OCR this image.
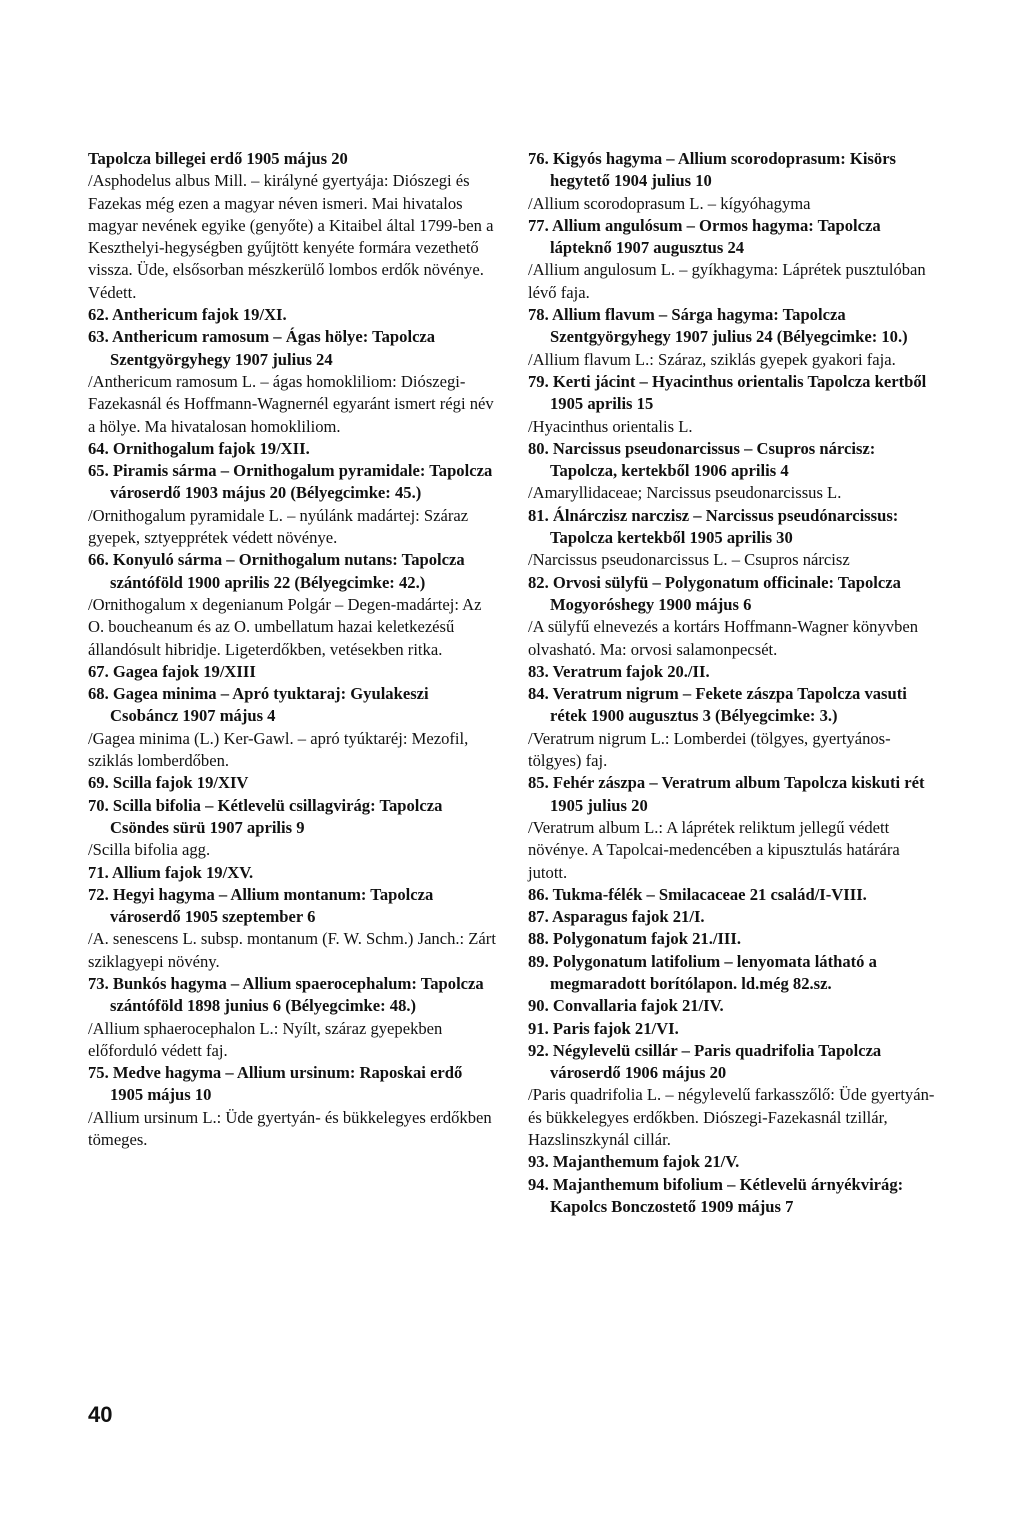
Tapolcza billegei erdő 1905 május 20

/Asphodelus albus Mill. – királyné gyertyája: Diószegi és Fazekas még ezen a magyar néven ismeri. Mai hivatalos magyar nevének egyike (genyőte) a Kitaibel által 1799-ben a Keszthelyi-hegységben gyűjtött kenyéte formára vezethető vissza. Üde, elsősorban mészkerülő lombos erdők növénye. Védett.

62. Anthericum fajok 19/XI.

63. Anthericum ramosum – Ágas hölye: Tapolcza Szentgyörgyhegy 1907 julius 24

/Anthericum ramosum L. – ágas homokliliom: Diószegi-Fazekasnál és Hoffmann-Wagnernél egyaránt ismert régi név a hölye. Ma hivatalosan homokliliom.

64. Ornithogalum fajok 19/XII.

65. Piramis sárma – Ornithogalum pyramidale: Tapolcza városerdő 1903 május 20 (Bélyegcimke: 45.)

/Ornithogalum pyramidale L. – nyúlánk madártej: Száraz gyepek, sztyepprétek védett növénye.

66. Konyuló sárma – Ornithogalum nutans: Tapolcza szántóföld 1900 aprilis 22 (Bélyegcimke: 42.)

/Ornithogalum x degenianum Polgár – Degen-madártej: Az O. boucheanum és az O. umbellatum hazai keletkezésű állandósult hibridje. Ligeterdőkben, vetésekben ritka.

67. Gagea fajok 19/XIII

68. Gagea minima – Apró tyuktaraj: Gyulakeszi Csobáncz 1907 május 4

/Gagea minima (L.) Ker-Gawl. – apró tyúktaréj: Mezofil, sziklás lomberdőben.

69. Scilla fajok 19/XIV

70. Scilla bifolia – Kétlevelü csillagvirág: Tapolcza Csöndes sürü 1907 aprilis 9

/Scilla bifolia agg.

71. Allium fajok 19/XV.

72. Hegyi hagyma – Allium montanum: Tapolcza városerdő 1905 szeptember 6

/A. senescens L. subsp. montanum (F. W. Schm.) Janch.: Zárt sziklagyepi növény.

73. Bunkós hagyma – Allium spaerocephalum: Tapolcza szántóföld 1898 junius 6 (Bélyegcimke: 48.)

/Allium sphaerocephalon L.: Nyílt, száraz gyepekben előforduló védett faj.

75. Medve hagyma – Allium ursinum: Raposkai erdő 1905 május 10

/Allium ursinum L.: Üde gyertyán- és bükkelegyes erdőkben tömeges.

76. Kigyós hagyma – Allium scorodoprasum: Kisörs hegytető 1904 julius 10

/Allium scorodoprasum L. – kígyóhagyma

77. Allium angulósum – Ormos hagyma: Tapolcza lápteknő 1907 augusztus 24

/Allium angulosum L. – gyíkhagyma: Láprétek pusztulóban lévő faja.

78. Allium flavum – Sárga hagyma: Tapolcza Szentgyörgyhegy 1907 julius 24 (Bélyegcimke: 10.)

/Allium flavum L.: Száraz, sziklás gyepek gyakori faja.

79. Kerti jácint – Hyacinthus orientalis Tapolcza kertből 1905 aprilis 15

/Hyacinthus orientalis L.

80. Narcissus pseudonarcissus – Csupros nárcisz: Tapolcza, kertekből 1906 aprilis 4

/Amaryllidaceae; Narcissus pseudonarcissus L.

81. Álnárczisz narczisz – Narcissus pseudónarcissus: Tapolcza kertekből 1905 aprilis 30

/Narcissus pseudonarcissus L. – Csupros nárcisz

82. Orvosi sülyfü – Polygonatum officinale: Tapolcza Mogyoróshegy 1900 május 6

/A sülyfű elnevezés a kortárs Hoffmann-Wagner könyvben olvasható. Ma: orvosi salamonpecsét.

83. Veratrum fajok 20./II.

84. Veratrum nigrum – Fekete zászpa Tapolcza vasuti rétek 1900 augusztus 3 (Bélyegcimke: 3.)

/Veratrum nigrum L.: Lomberdei (tölgyes, gyertyános-tölgyes) faj.

85. Fehér zászpa – Veratrum album Tapolcza kiskuti rét 1905 julius 20

/Veratrum album L.: A láprétek reliktum jellegű védett növénye. A Tapolcai-medencében a kipusztulás határára jutott.

86. Tukma-félék – Smilacaceae 21 család/I-VIII.

87. Asparagus fajok 21/I.

88. Polygonatum fajok 21./III.

89. Polygonatum latifolium – lenyomata látható a megmaradott borítólapon. ld.még 82.sz.

90. Convallaria fajok 21/IV.

91. Paris fajok 21/VI.

92. Négylevelü csillár – Paris quadrifolia Tapolcza városerdő 1906 május 20

/Paris quadrifolia L. – négylevelű farkasszőlő: Üde gyertyán- és bükkelegyes erdőkben. Diószegi-Fazekasnál tzillár, Hazslinszkynál cillár.

93. Majanthemum fajok 21/V.

94. Majanthemum bifolium – Kétlevelü árnyékvirág: Kapolcs Bonczostető 1909 május 7

40
